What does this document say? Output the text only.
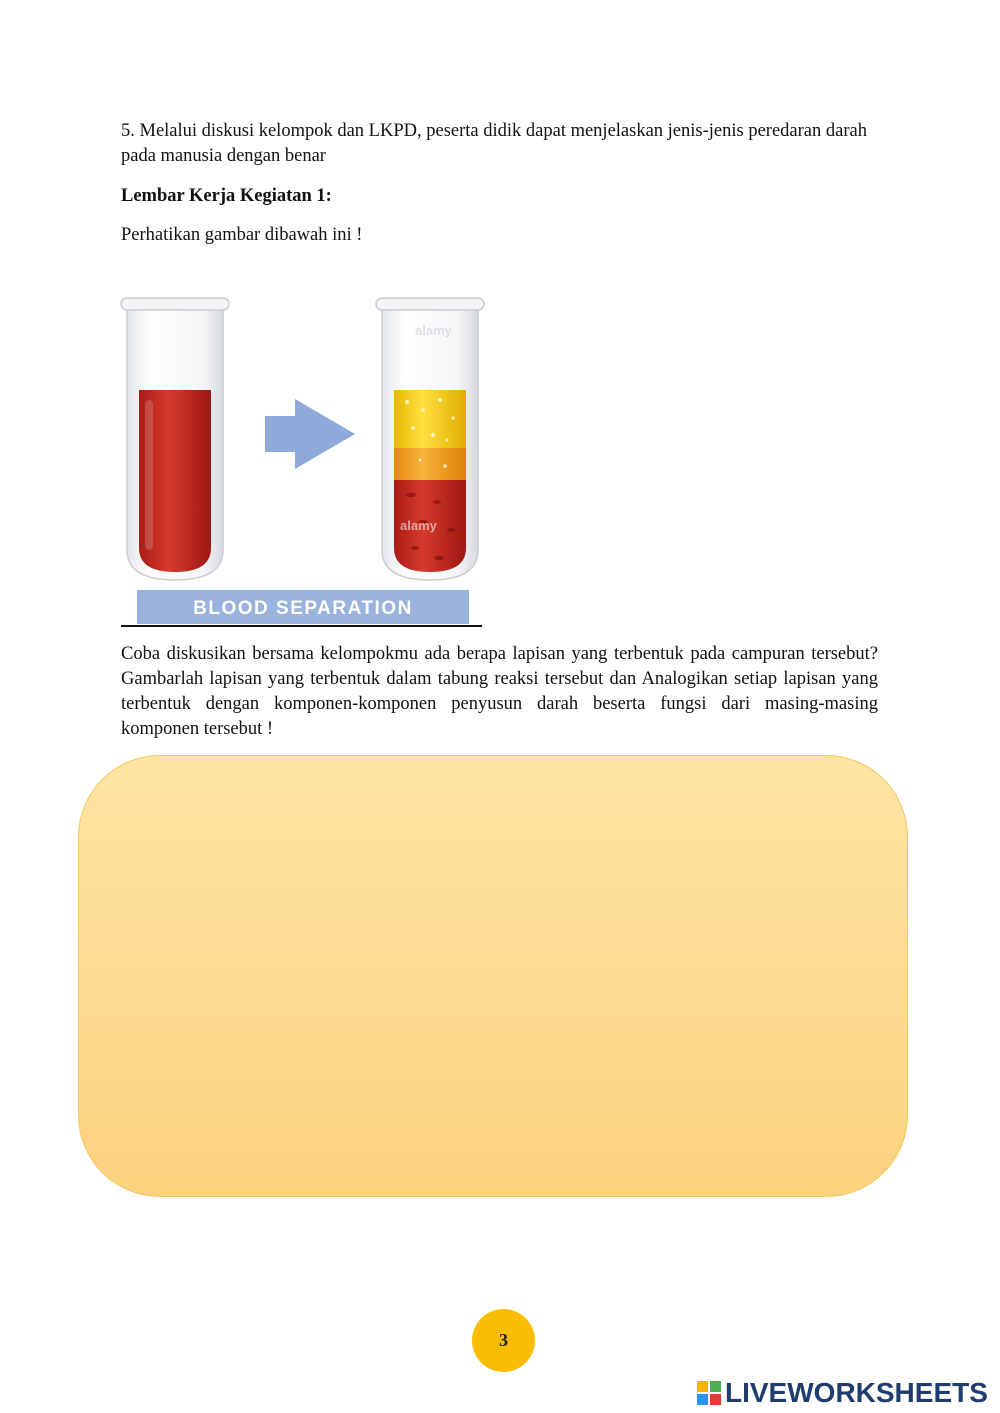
5. Melalui diskusi kelompok dan LKPD, peserta didik dapat menjelaskan jenis-jenis peredaran darah pada manusia dengan benar
Lembar Kerja Kegiatan 1:
Perhatikan gambar dibawah ini !
alamy
alamy
BLOOD SEPARATION
Coba diskusikan bersama kelompokmu ada berapa lapisan yang terbentuk pada campuran tersebut? Gambarlah lapisan yang terbentuk dalam tabung reaksi tersebut dan Analogikan setiap lapisan yang terbentuk dengan komponen-komponen penyusun darah beserta fungsi dari masing-masing komponen tersebut !
3
LIVEWORKSHEETS
